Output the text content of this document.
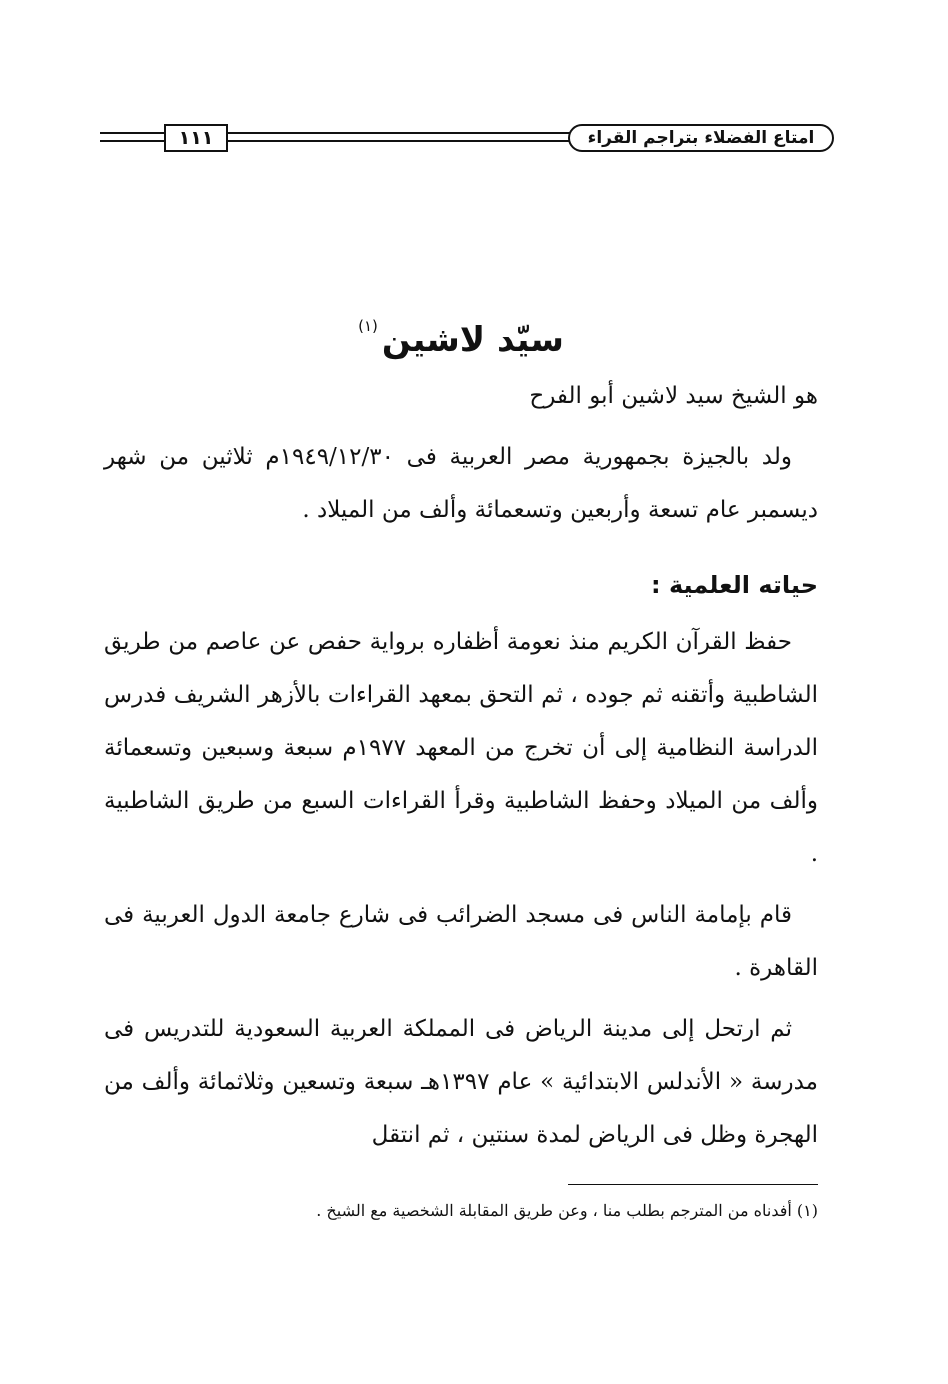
١١١	امتاع الفضلاء بتراجم القراء
سيّد لاشين$^{(١)}$

هو الشيخ سيد لاشين أبو الفرح

ولد بالجيزة بجمهورية مصر العربية فى ١٩٤٩/١٢/٣٠م ثلاثين من شهر ديسمبر عام تسعة وأربعين وتسعمائة وألف من الميلاد .

حياته العلمية :

حفظ القرآن الكريم منذ نعومة أظفاره برواية حفص عن عاصم من طريق الشاطبية وأتقنه ثم جوده ، ثم التحق بمعهد القراءات بالأزهر الشريف فدرس الدراسة النظامية إلى أن تخرج من المعهد ١٩٧٧م سبعة وسبعين وتسعمائة وألف من الميلاد وحفظ الشاطبية وقرأ القراءات السبع من طريق الشاطبية .

قام بإمامة الناس فى مسجد الضرائب فى شارع جامعة الدول العربية فى القاهرة .

ثم ارتحل إلى مدينة الرياض فى المملكة العربية السعودية للتدريس فى مدرسة « الأندلس الابتدائية » عام ١٣٩٧هـ سبعة وتسعين وثلاثمائة وألف من الهجرة وظل فى الرياض لمدة سنتين ، ثم انتقل

(١) أفدناه من المترجم بطلب منا ، وعن طريق المقابلة الشخصية مع الشيخ .
